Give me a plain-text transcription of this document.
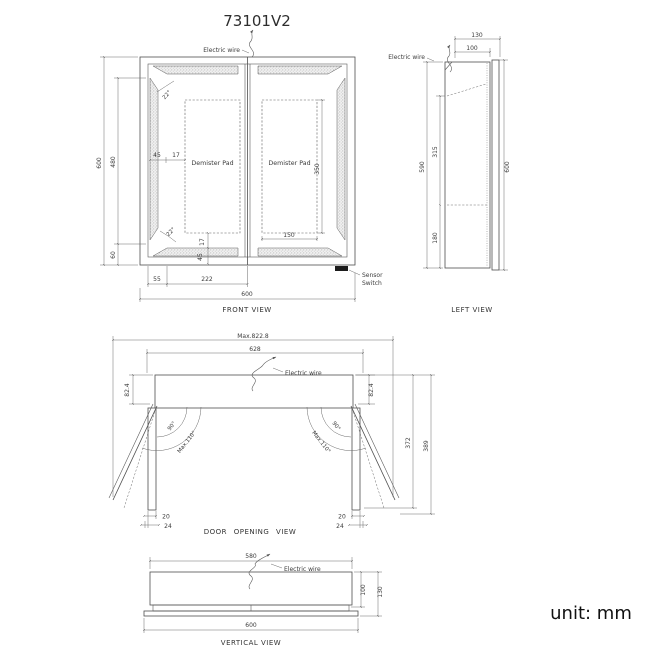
73101V2
unit: mm
Electric wire
600 480
60
45 17
22°
22°
17
45
Demister Pad	Demister Pad 350
150
55	222
600
Sensor
Switch
FRONT VIEW
Electric wire
130
100
590
315
180
600
LEFT VIEW
Max.822.8
628
Electric wire
82.4	82.4
90°
Max.110°
90°
Max.110°
20
24
20
24
372 389
DOOR OPENING VIEW
580
Electric wire
100 130
600
VERTICAL VIEW
